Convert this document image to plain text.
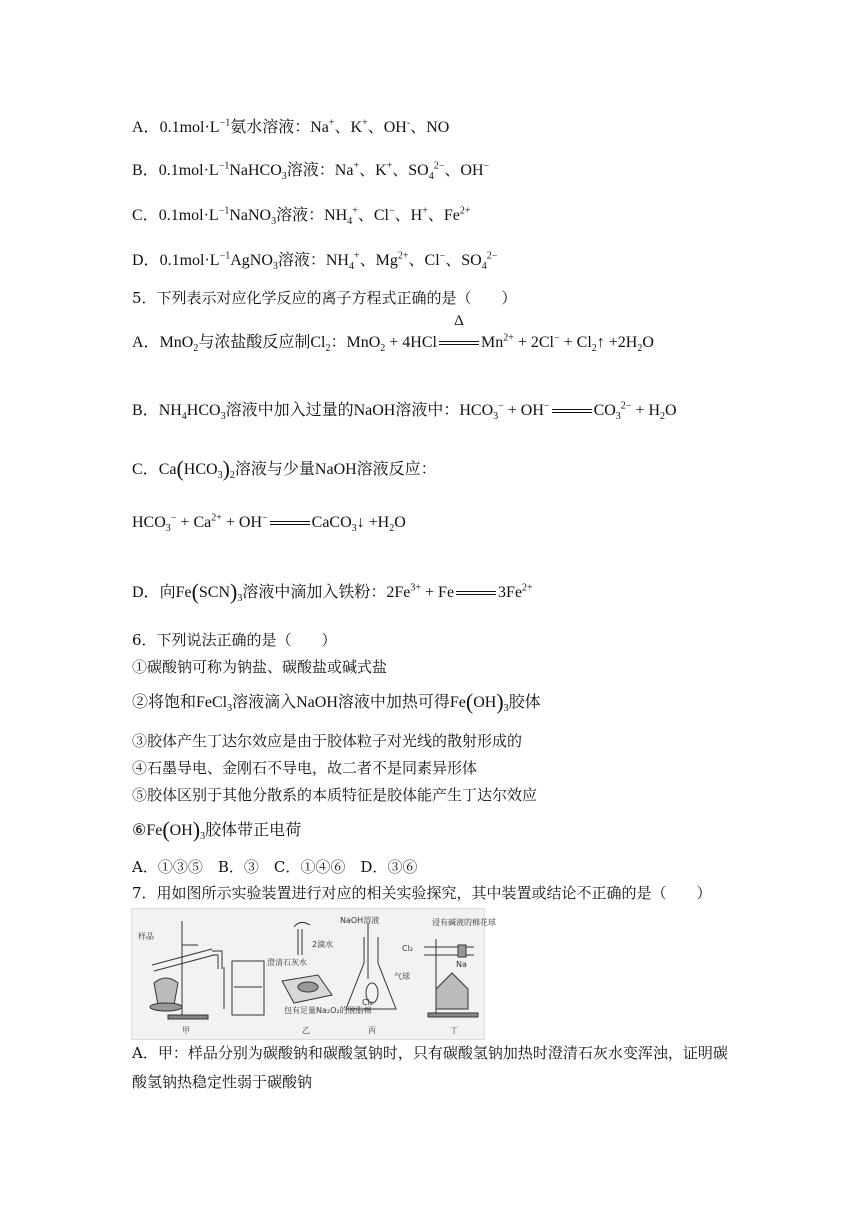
A．$0.1mol\cdot L^{-1}$氨水溶液：Na+、K+、OH-、NO
B．$0.1mol\cdot L^{-1}NaHCO_3$溶液：Na+、K+、$SO_4^{2-}$、OH−
C．$0.1mol\cdot L^{-1}NaNO_3$溶液：$NH_4^+$、Cl−、H+、$Fe^{2+}$
D．$0.1mol\cdot L^{-1}AgNO_3$溶液：$NH_4^+$、$Mg^{2+}$、Cl−、$SO_4^{2-}$
5．下列表示对应化学反应的离子方程式正确的是（　　）
A．MnO$_2$与浓盐酸反应制$Cl_2$：MnO$_2$ + 4HCl
Δ
$Mn^{2+} + 2Cl^-$ + $Cl_2↑ +2H_2O$
B．$NH_4HCO_3$溶液中加入过量的NaOH溶液中：$HCO_3^- + OH^-$	$CO_3^{2-} + H_2O$
C．$Ca(HCO_3)_2$溶液与少量NaOH溶液反应：
$HCO_3^- + Ca^{2+} + OH^-$	CaCO$_3$↓ $+H_2O$
D．向$Fe(SCN)_3$溶液中滴加入铁粉：$2Fe^{3+} + Fe$	$3Fe^{2+}$
6．下列说法正确的是（　　）
①碳酸钠可称为钠盐、碳酸盐或碱式盐
②将饱和FeCl$_3$溶液滴入NaOH溶液中加热可得$Fe(OH)_3$胶体
③胶体产生丁达尔效应是由于胶体粒子对光线的散射形成的
④石墨导电、金刚石不导电，故二者不是同素异形体
⑤胶体区别于其他分散系的本质特征是胶体能产生丁达尔效应
$⑥Fe(OH)_3$胶体带正电荷
A．①③⑤　B．③　C．①④⑥　D．③⑥
7．用如图所示实验装置进行对应的相关实验探究，其中装置或结论不正确的是（　　）
样品
澄清石灰水
甲
2滴水
包有足量Na₂O₂的脱脂棉
乙
NaOH溶液
气球
Cl₂
丙
浸有碱液的棉花球
Cl₂
Na
丁
A．甲：样品分别为碳酸钠和碳酸氢钠时，只有碳酸氢钠加热时澄清石灰水变浑浊，证明碳
酸氢钠热稳定性弱于碳酸钠
